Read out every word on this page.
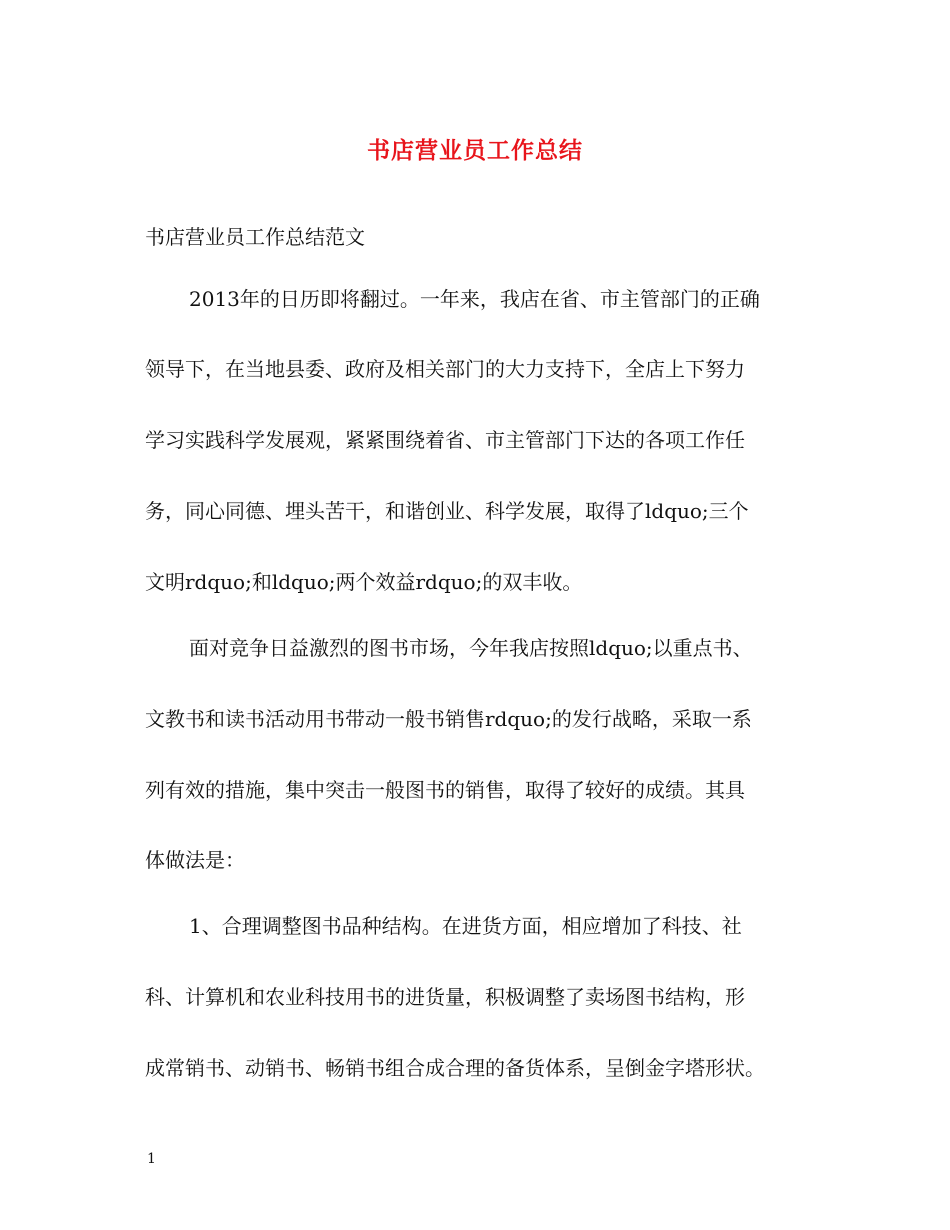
书店营业员工作总结
书店营业员工作总结范文
2013年的日历即将翻过。一年来，我店在省、市主管部门的正确
领导下，在当地县委、政府及相关部门的大力支持下，全店上下努力
学习实践科学发展观，紧紧围绕着省、市主管部门下达的各项工作任
务，同心同德、埋头苦干，和谐创业、科学发展，取得了ldquo;三个
文明rdquo;和ldquo;两个效益rdquo;的双丰收。
面对竞争日益激烈的图书市场，今年我店按照ldquo;以重点书、
文教书和读书活动用书带动一般书销售rdquo;的发行战略，采取一系
列有效的措施，集中突击一般图书的销售，取得了较好的成绩。其具
体做法是：
1、合理调整图书品种结构。在进货方面，相应增加了科技、社
科、计算机和农业科技用书的进货量，积极调整了卖场图书结构，形
成常销书、动销书、畅销书组合成合理的备货体系，呈倒金字塔形状。
1
